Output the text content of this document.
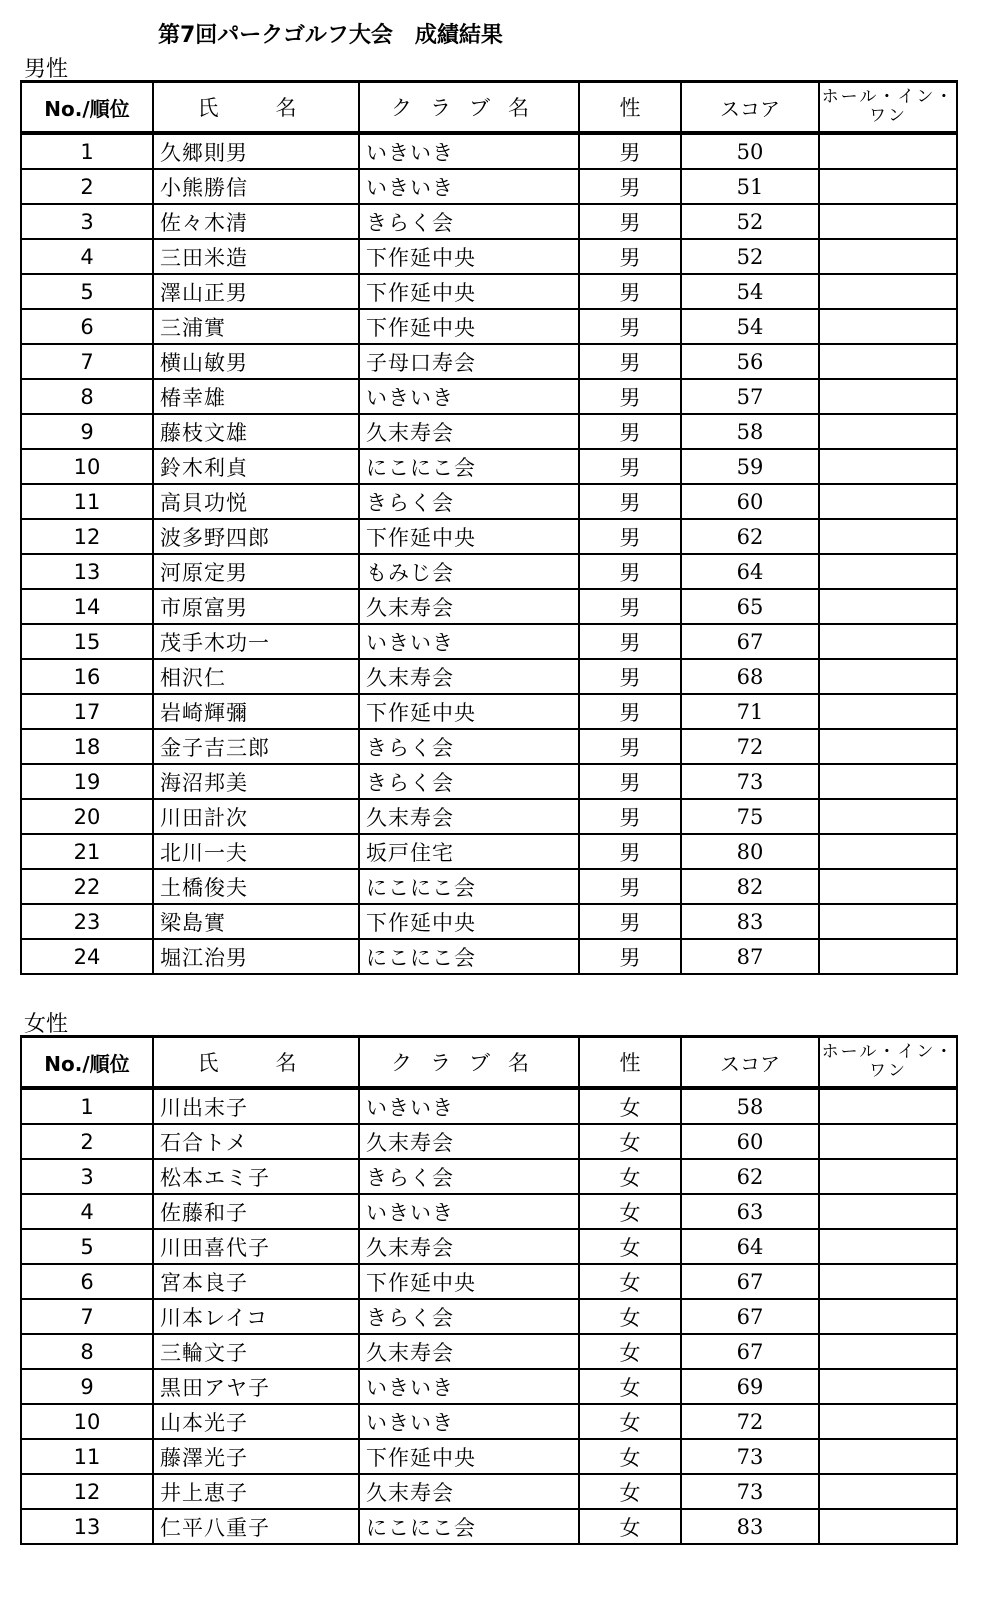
第7回パークゴルフ大会　成績結果
男性
No./順位	氏　名	クラブ名	性	スコア	ホール・イン・ワン
1	久郷則男	いきいき	男	50	
2	小熊勝信	いきいき	男	51	
3	佐々木清	きらく会	男	52	
4	三田米造	下作延中央	男	52	
5	澤山正男	下作延中央	男	54	
6	三浦實	下作延中央	男	54	
7	横山敏男	子母口寿会	男	56	
8	椿幸雄	いきいき	男	57	
9	藤枝文雄	久末寿会	男	58	
10	鈴木利貞	にこにこ会	男	59	
11	高貝功悦	きらく会	男	60	
12	波多野四郎	下作延中央	男	62	
13	河原定男	もみじ会	男	64	
14	市原富男	久末寿会	男	65	
15	茂手木功一	いきいき	男	67	
16	相沢仁	久末寿会	男	68	
17	岩崎輝彌	下作延中央	男	71	
18	金子吉三郎	きらく会	男	72	
19	海沼邦美	きらく会	男	73	
20	川田計次	久末寿会	男	75	
21	北川一夫	坂戸住宅	男	80	
22	土橋俊夫	にこにこ会	男	82	
23	梁島實	下作延中央	男	83	
24	堀江治男	にこにこ会	男	87	
女性
No./順位	氏　名	クラブ名	性	スコア	ホール・イン・ワン
1	川出末子	いきいき	女	58	
2	石合トメ	久末寿会	女	60	
3	松本エミ子	きらく会	女	62	
4	佐藤和子	いきいき	女	63	
5	川田喜代子	久末寿会	女	64	
6	宮本良子	下作延中央	女	67	
7	川本レイコ	きらく会	女	67	
8	三輪文子	久末寿会	女	67	
9	黒田アヤ子	いきいき	女	69	
10	山本光子	いきいき	女	72	
11	藤澤光子	下作延中央	女	73	
12	井上恵子	久末寿会	女	73	
13	仁平八重子	にこにこ会	女	83	
